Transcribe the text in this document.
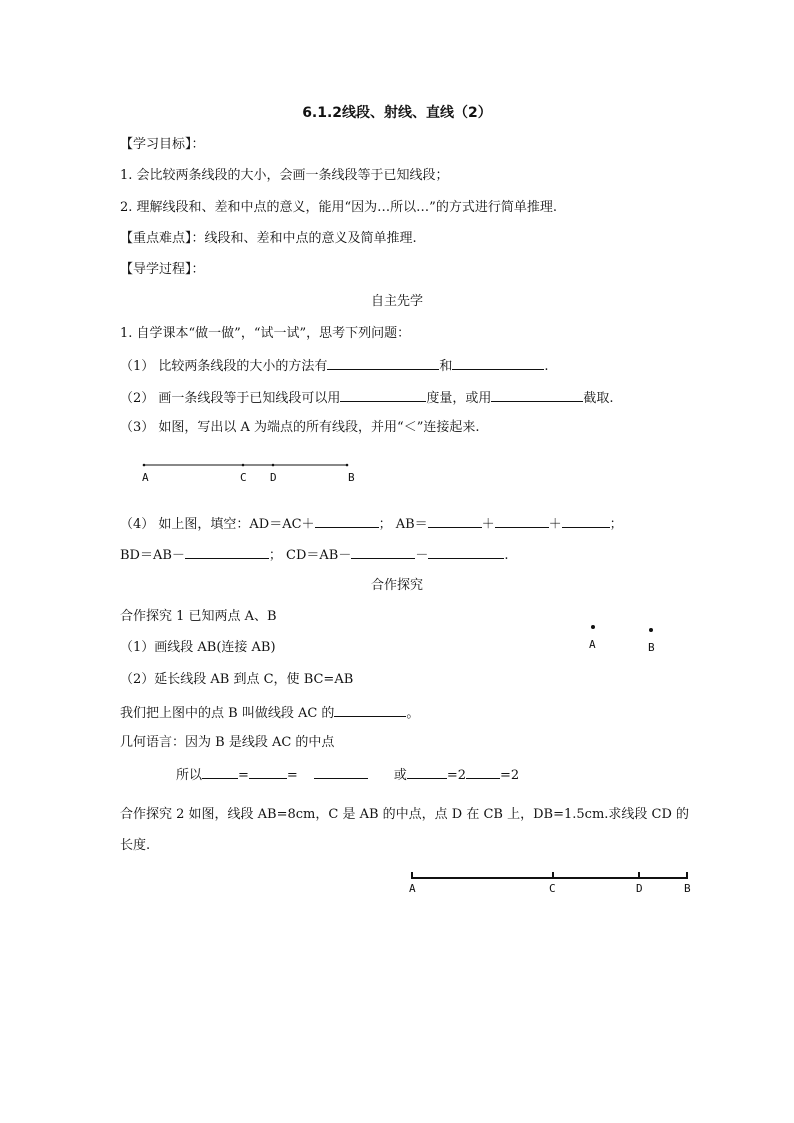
6.1.2线段、射线、直线（2）
【学习目标】：
1. 会比较两条线段的大小，会画一条线段等于已知线段；
2. 理解线段和、差和中点的意义，能用“因为…所以…”的方式进行简单推理.
【重点难点】：线段和、差和中点的意义及简单推理.
【导学过程】：
自主先学
1. 自学课本“做一做”，“试一试”，思考下列问题：
（1） 比较两条线段的大小的方法有	和	.
（2） 画一条线段等于已知线段可以用	度量，或用	截取.
（3） 如图，写出以 A 为端点的所有线段，并用“＜”连接起来.
A	C D	B
（4） 如上图，填空：AD＝AC＋	； AB＝	＋	＋	；
BD＝AB－	； CD＝AB－	－	.
合作探究
合作探究 1 已知两点 A、B
（1）画线段 AB(连接 AB)
（2）延长线段 AB 到点 C，使 BC=AB
A	B
我们把上图中的点 B 叫做线段 AC 的	。
几何语言：因为 B 是线段 AC 的中点
所以	=	=	或	=2	=2
合作探究 2 如图，线段 AB=8cm，C 是 AB 的中点，点 D 在 CB 上，DB=1.5cm.求线段 CD 的
长度.
A	C	D	B
